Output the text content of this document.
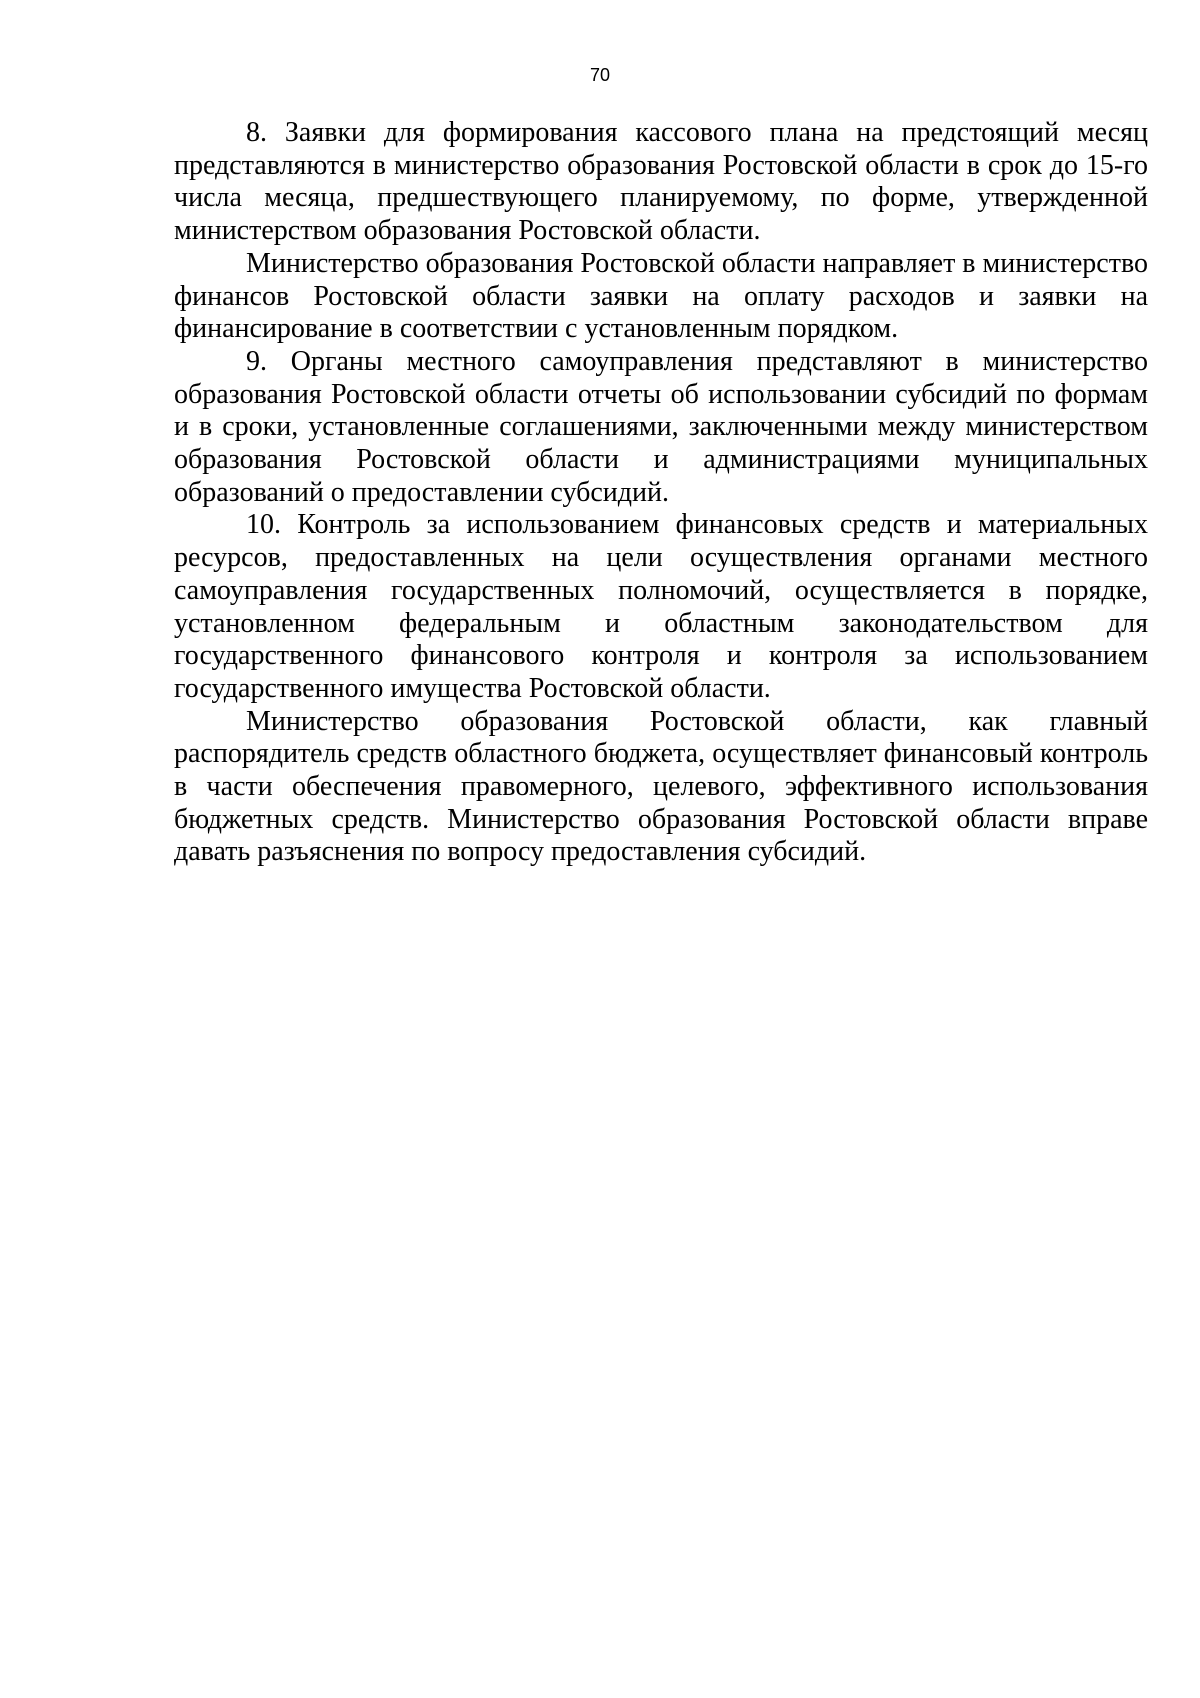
70

8. Заявки для формирования кассового плана на предстоящий месяц представляются в министерство образования Ростовской области в срок до 15-го числа месяца, предшествующего планируемому, по форме, утвержденной министерством образования Ростовской области.

Министерство образования Ростовской области направляет в министерство финансов Ростовской области заявки на оплату расходов и заявки на финансирование в соответствии с установленным порядком.

9. Органы местного самоуправления представляют в министерство образования Ростовской области отчеты об использовании субсидий по формам и в сроки, установленные соглашениями, заключенными между министерством образования Ростовской области и администрациями муниципальных образований о предоставлении субсидий.

10. Контроль за использованием финансовых средств и материальных ресурсов, предоставленных на цели осуществления органами местного самоуправления государственных полномочий, осуществляется в порядке, установленном федеральным и областным законодательством для государственного финансового контроля и контроля за использованием государственного имущества Ростовской области.

Министерство образования Ростовской области, как главный распорядитель средств областного бюджета, осуществляет финансовый контроль в части обеспечения правомерного, целевого, эффективного использования бюджетных средств. Министерство образования Ростовской области вправе давать разъяснения по вопросу предоставления субсидий.
